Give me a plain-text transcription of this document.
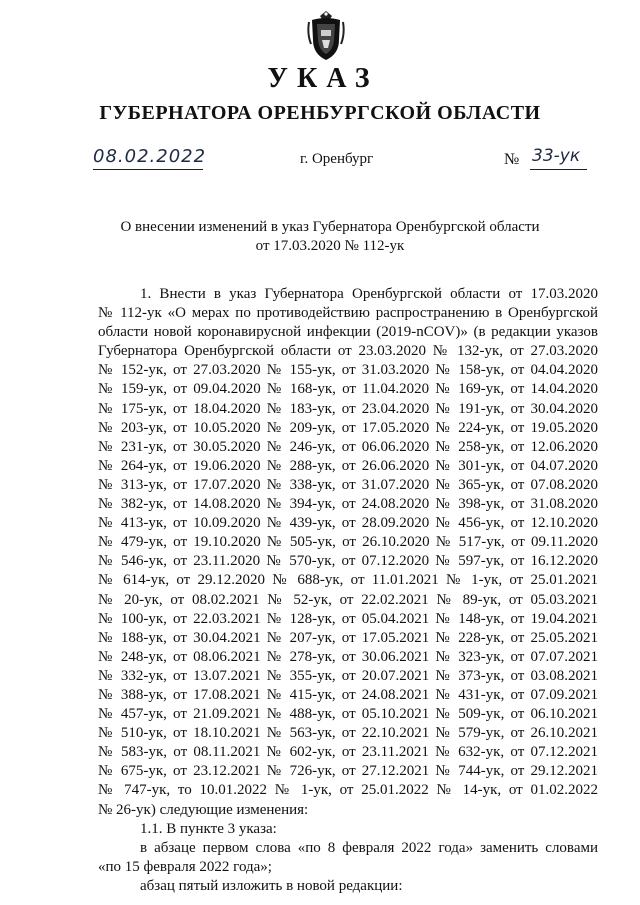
УКАЗ
ГУБЕРНАТОРА ОРЕНБУРГСКОЙ ОБЛАСТИ
08.02.2022	г. Оренбург	№ 33-ук
О внесении изменений в указ Губернатора Оренбургской области
от 17.03.2020 № 112-ук

1. Внести в указ Губернатора Оренбургской области от 17.03.2020

№ 112-ук «О мерах по противодействию распространению в Оренбургской

области новой коронавирусной инфекции (2019-nCOV)» (в редакции указов

Губернатора Оренбургской области от 23.03.2020 № 132-ук, от 27.03.2020

№ 152-ук, от 27.03.2020 № 155-ук, от 31.03.2020 № 158-ук, от 04.04.2020

№ 159-ук, от 09.04.2020 № 168-ук, от 11.04.2020 № 169-ук, от 14.04.2020

№ 175-ук, от 18.04.2020 № 183-ук, от 23.04.2020 № 191-ук, от 30.04.2020

№ 203-ук, от 10.05.2020 № 209-ук, от 17.05.2020 № 224-ук, от 19.05.2020

№ 231-ук, от 30.05.2020 № 246-ук, от 06.06.2020 № 258-ук, от 12.06.2020

№ 264-ук, от 19.06.2020 № 288-ук, от 26.06.2020 № 301-ук, от 04.07.2020

№ 313-ук, от 17.07.2020 № 338-ук, от 31.07.2020 № 365-ук, от 07.08.2020

№ 382-ук, от 14.08.2020 № 394-ук, от 24.08.2020 № 398-ук, от 31.08.2020

№ 413-ук, от 10.09.2020 № 439-ук, от 28.09.2020 № 456-ук, от 12.10.2020

№ 479-ук, от 19.10.2020 № 505-ук, от 26.10.2020 № 517-ук, от 09.11.2020

№ 546-ук, от 23.11.2020 № 570-ук, от 07.12.2020 № 597-ук, от 16.12.2020

№ 614-ук, от 29.12.2020 № 688-ук, от 11.01.2021 № 1-ук, от 25.01.2021

№ 20-ук, от 08.02.2021 № 52-ук, от 22.02.2021 № 89-ук, от 05.03.2021

№ 100-ук, от 22.03.2021 № 128-ук, от 05.04.2021 № 148-ук, от 19.04.2021

№ 188-ук, от 30.04.2021 № 207-ук, от 17.05.2021 № 228-ук, от 25.05.2021

№ 248-ук, от 08.06.2021 № 278-ук, от 30.06.2021 № 323-ук, от 07.07.2021

№ 332-ук, от 13.07.2021 № 355-ук, от 20.07.2021 № 373-ук, от 03.08.2021

№ 388-ук, от 17.08.2021 № 415-ук, от 24.08.2021 № 431-ук, от 07.09.2021

№ 457-ук, от 21.09.2021 № 488-ук, от 05.10.2021 № 509-ук, от 06.10.2021

№ 510-ук, от 18.10.2021 № 563-ук, от 22.10.2021 № 579-ук, от 26.10.2021

№ 583-ук, от 08.11.2021 № 602-ук, от 23.11.2021 № 632-ук, от 07.12.2021

№ 675-ук, от 23.12.2021 № 726-ук, от 27.12.2021 № 744-ук, от 29.12.2021

№ 747-ук, то 10.01.2022 № 1-ук, от 25.01.2022 № 14-ук, от 01.02.2022

№ 26-ук) следующие изменения:

1.1. В пункте 3 указа:

в абзаце первом слова «по 8 февраля 2022 года» заменить словами

«по 15 февраля 2022 года»;

абзац пятый изложить в новой редакции:
